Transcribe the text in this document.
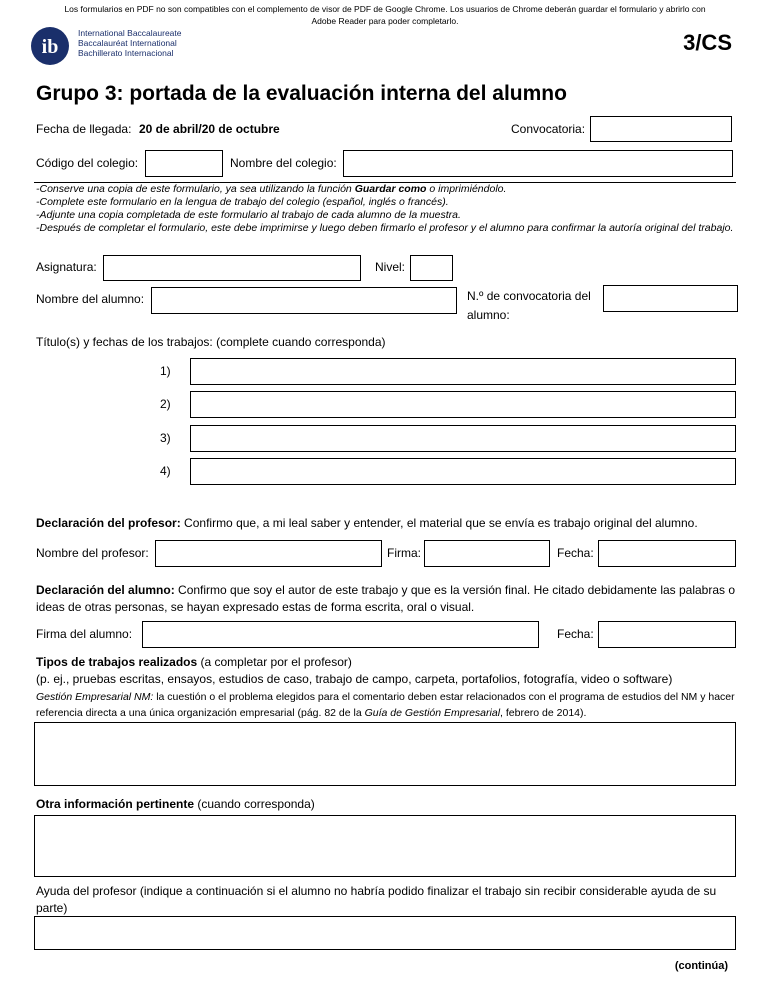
Los formularios en PDF no son compatibles con el complemento de visor de PDF de Google Chrome. Los usuarios de Chrome deberán guardar el formulario y abrirlo con Adobe Reader para poder completarlo.
ib
International Baccalaureate
Baccalauréat International
Bachillerato Internacional	3/CS
Grupo 3: portada de la evaluación interna del alumno
Fecha de llegada: 20 de abril/20 de octubre	Convocatoria:
Código del colegio:	Nombre del colegio:
-Conserve una copia de este formulario, ya sea utilizando la función Guardar como o imprimiéndolo.
-Complete este formulario en la lengua de trabajo del colegio (español, inglés o francés).
-Adjunte una copia completada de este formulario al trabajo de cada alumno de la muestra.
-Después de completar el formulario, este debe imprimirse y luego deben firmarlo el profesor y el alumno para confirmar la autoría original del trabajo.
Asignatura:	Nivel:
Nombre del alumno:	N.º de convocatoria del
alumno:
Título(s) y fechas de los trabajos: (complete cuando corresponda)
1)
2)
3)
4)
Declaración del profesor: Confirmo que, a mi leal saber y entender, el material que se envía es trabajo original del alumno.
Nombre del profesor:	Firma:	Fecha:
Declaración del alumno: Confirmo que soy el autor de este trabajo y que es la versión final. He citado debidamente las palabras o ideas de otras personas, se hayan expresado estas de forma escrita, oral o visual.
Firma del alumno:	Fecha:
Tipos de trabajos realizados (a completar por el profesor)
(p. ej., pruebas escritas, ensayos, estudios de caso, trabajo de campo, carpeta, portafolios, fotografía, video o software)
Gestión Empresarial NM: la cuestión o el problema elegidos para el comentario deben estar relacionados con el programa de estudios del NM y hacer referencia directa a una única organización empresarial (pág. 82 de la Guía de Gestión Empresarial, febrero de 2014).
Otra información pertinente (cuando corresponda)
Ayuda del profesor (indique a continuación si el alumno no habría podido finalizar el trabajo sin recibir considerable ayuda de su parte)
(continúa)
